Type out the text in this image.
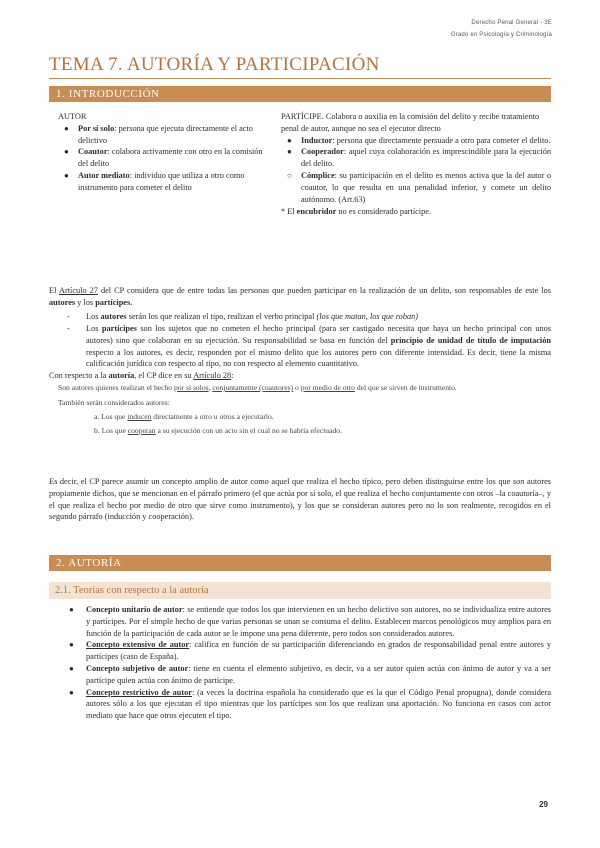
Derecho Penal General - 3E
Grado en Psicología y Criminología
TEMA 7. AUTORÍA Y PARTICIPACIÓN
1. INTRODUCCIÓN
AUTOR
● Por sí solo: persona que ejecuta directamente el acto delictivo
● Coautor: colabora activamente con otro en la comisión del delito
● Autor mediato: individuo que utiliza a otro como instrumento para cometer el delito
PARTÍCIPE. Colabora o auxilia en la comisión del delito y recibe tratamiento penal de autor, aunque no sea el ejecutor directo
● Inductor: persona que directamente persuade a otro para cometer el delito.
● Cooperador: aquel cuya colaboración es imprescindible para la ejecución del delito.
○ Cómplice: su participación en el delito es menos activa que la del autor o coautor, lo que resulta en una penalidad inferior, y comete un delito autónomo. (Art.63)
* El encubridor no es considerado partícipe.
El Artículo 27 del CP considera que de entre todas las personas que pueden participar en la realización de un delito, son responsables de este los autores y los partícipes.
- Los autores serán los que realizan el tipo, realizan el verbo principal (los que matan, los que roban)
- Los partícipes son los sujetos que no cometen el hecho principal (para ser castigado necesita que haya un hecho principal con unos autores) sino que colaboran en su ejecución. Su responsabilidad se basa en función del principio de unidad de título de imputación respecto a los autores, es decir, responden por el mismo delito que los autores pero con diferente intensidad. Es decir, tiene la misma calificación jurídica con respecto al tipo, no con respecto al elemento cuantitativo.
Con respecto a la autoría, el CP dice en su Artículo 28:
Son autores quienes realizan el hecho por sí solos, conjuntamente (coautores) o por medio de otro del que se sirven de instrumento.
También serán considerados autores:
a. Los que inducen directamente a otro u otros a ejecutarlo.
b. Los que cooperan a su ejecución con un acto sin el cual no se habría efectuado.
Es decir, el CP parece asumir un concepto amplio de autor como aquel que realiza el hecho típico, pero deben distinguirse entre los que son autores propiamente dichos, que se mencionan en el párrafo primero (el que actúa por sí solo, el que realiza el hecho conjuntamente con otros –la coautoría–, y el que realiza el hecho por medio de otro que sirve como instrumento), y los que se consideran autores pero no lo son realmente, recogidos en el segundo párrafo (inducción y cooperación).
2. AUTORÍA
2.1. Teorías con respecto a la autoría
● Concepto unitario de autor: se entiende que todos los que intervienen en un hecho delictivo son autores, no se individualiza entre autores y partícipes. Por el simple hecho de que varias personas se unan se consuma el delito. Establecen marcos penológicos muy amplios para en función de la participación de cada autor se le impone una pena diferente, pero todos son considerados autores.
● Concepto extensivo de autor: califica en función de su participación diferenciando en grados de responsabilidad penal entre autores y partícipes (caso de España).
● Concepto subjetivo de autor: tiene en cuenta el elemento subjetivo, es decir, va a ser autor quien actúa con ánimo de autor y va a ser partícipe quien actúa con ánimo de partícipe.
● Concepto restrictivo de autor: (a veces la doctrina española ha considerado que es la que el Código Penal propugna), donde considera autores sólo a los que ejecutan el tipo mientras que los partícipes son los que realizan una aportación. No funciona en casos con actor mediato que hace que otros ejecuten el tipo.
29
